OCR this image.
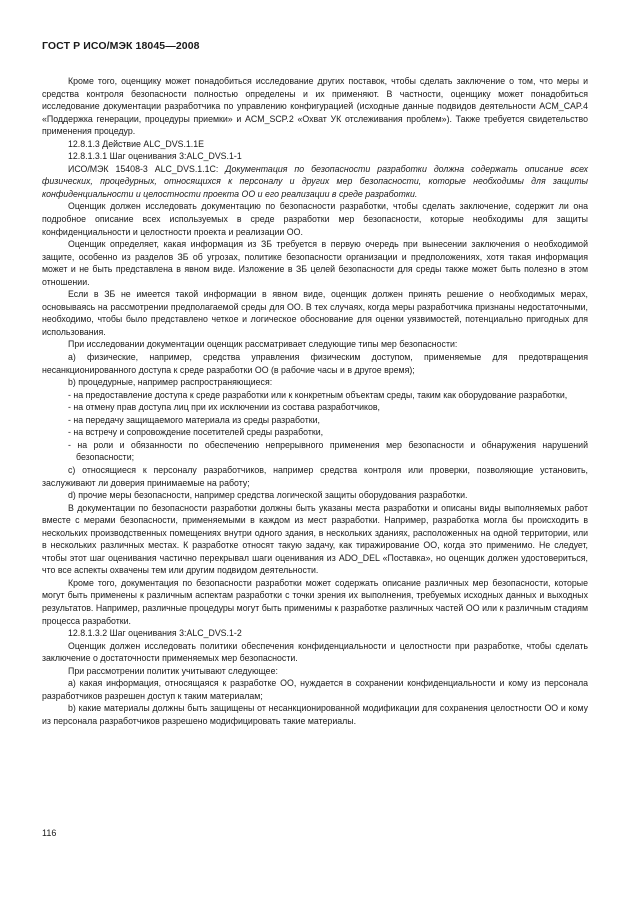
ГОСТ Р ИСО/МЭК 18045—2008

Кроме того, оценщику может понадобиться исследование других поставок, чтобы сделать заключение о том, что меры и средства контроля безопасности полностью определены и их применяют. В частности, оценщику может понадобиться исследование документации разработчика по управлению конфигурацией (исходные данные подвидов деятельности ACM_CAP.4 «Поддержка генерации, процедуры приемки» и ACM_SCP.2 «Охват УК отслеживания проблем»). Также требуется свидетельство применения процедур.

12.8.1.3 Действие ALC_DVS.1.1E

12.8.1.3.1 Шаг оценивания 3:ALC_DVS.1-1

ИСО/МЭК 15408-3 ALC_DVS.1.1С: Документация по безопасности разработки должна содержать описание всех физических, процедурных, относящихся к персоналу и других мер безопасности, которые необходимы для защиты конфиденциальности и целостности проекта ОО и его реализации в среде разработки.

Оценщик должен исследовать документацию по безопасности разработки, чтобы сделать заключение, содержит ли она подробное описание всех используемых в среде разработки мер безопасности, которые необходимы для защиты конфиденциальности и целостности проекта и реализации ОО.

Оценщик определяет, какая информация из ЗБ требуется в первую очередь при вынесении заключения о необходимой защите, особенно из разделов ЗБ об угрозах, политике безопасности организации и предположениях, хотя такая информация может и не быть представлена в явном виде. Изложение в ЗБ целей безопасности для среды также может быть полезно в этом отношении.

Если в ЗБ не имеется такой информации в явном виде, оценщик должен принять решение о необходимых мерах, основываясь на рассмотрении предполагаемой среды для ОО. В тех случаях, когда меры разработчика признаны недостаточными, необходимо, чтобы было представлено четкое и логическое обоснование для оценки уязвимостей, потенциально пригодных для использования.

При исследовании документации оценщик рассматривает следующие типы мер безопасности:

а) физические, например, средства управления физическим доступом, применяемые для предотвращения несанкционированного доступа к среде разработки ОО (в рабочие часы и в другое время);

b) процедурные, например распространяющиеся:

- на предоставление доступа к среде разработки или к конкретным объектам среды, таким как оборудование разработки,

- на отмену прав доступа лиц при их исключении из состава разработчиков,

- на передачу защищаемого материала из среды разработки,

- на встречу и сопровождение посетителей среды разработки,

- на роли и обязанности по обеспечению непрерывного применения мер безопасности и обнаружения нарушений безопасности;

с) относящиеся к персоналу разработчиков, например средства контроля или проверки, позволяющие установить, заслуживают ли доверия принимаемые на работу;

d) прочие меры безопасности, например средства логической защиты оборудования разработки.

В документации по безопасности разработки должны быть указаны места разработки и описаны виды выполняемых работ вместе с мерами безопасности, применяемыми в каждом из мест разработки. Например, разработка могла бы происходить в нескольких производственных помещениях внутри одного здания, в нескольких зданиях, расположенных на одной территории, или в нескольких различных местах. К разработке относят такую задачу, как тиражирование ОО, когда это применимо. Не следует, чтобы этот шаг оценивания частично перекрывал шаги оценивания из ADO_DEL «Поставка», но оценщик должен удостовериться, что все аспекты охвачены тем или другим подвидом деятельности.

Кроме того, документация по безопасности разработки может содержать описание различных мер безопасности, которые могут быть применены к различным аспектам разработки с точки зрения их выполнения, требуемых исходных данных и выходных результатов. Например, различные процедуры могут быть применимы к разработке различных частей ОО или к различным стадиям процесса разработки.

12.8.1.3.2 Шаг оценивания 3:ALC_DVS.1-2

Оценщик должен исследовать политики обеспечения конфиденциальности и целостности при разработке, чтобы сделать заключение о достаточности применяемых мер безопасности.

При рассмотрении политик учитывают следующее:

а) какая информация, относящаяся к разработке ОО, нуждается в сохранении конфиденциальности и кому из персонала разработчиков разрешен доступ к таким материалам;

b) какие материалы должны быть защищены от несанкционированной модификации для сохранения целостности ОО и кому из персонала разработчиков разрешено модифицировать такие материалы.

116
